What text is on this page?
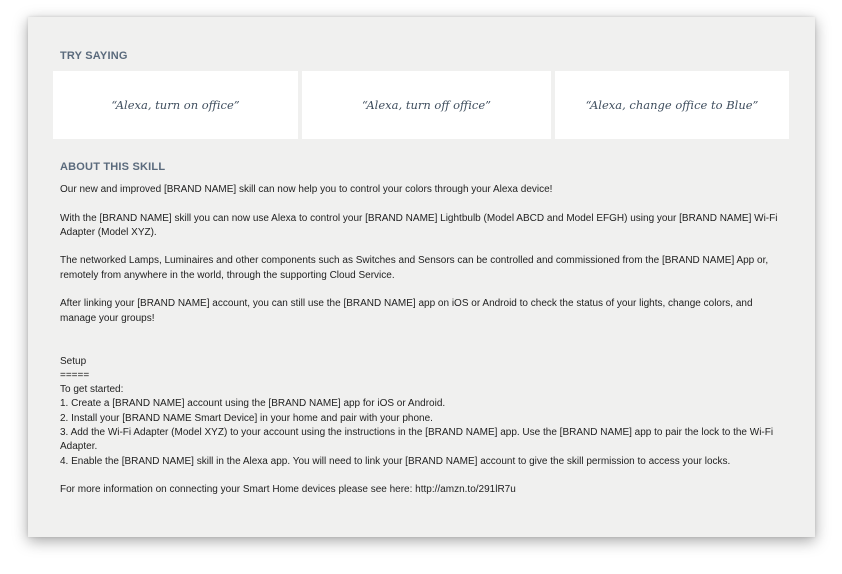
TRY SAYING
“Alexa, turn on office”	“Alexa, turn off office”	“Alexa, change office to Blue”
ABOUT THIS SKILL

Our new and improved [BRAND NAME] skill can now help you to control your colors through your Alexa device!

With the [BRAND NAME] skill you can now use Alexa to control your [BRAND NAME] Lightbulb (Model ABCD and Model EFGH) using your [BRAND NAME] Wi-Fi Adapter (Model XYZ).

The networked Lamps, Luminaires and other components such as Switches and Sensors can be controlled and commissioned from the [BRAND NAME] App or, remotely from anywhere in the world, through the supporting Cloud Service.

After linking your [BRAND NAME] account, you can still use the [BRAND NAME] app on iOS or Android to check the status of your lights, change colors, and manage your groups!

Setup
=====
To get started:
1. Create a [BRAND NAME] account using the [BRAND NAME] app for iOS or Android.
2. Install your [BRAND NAME Smart Device] in your home and pair with your phone.
3. Add the Wi-Fi Adapter (Model XYZ) to your account using the instructions in the [BRAND NAME] app. Use the [BRAND NAME] app to pair the lock to the Wi-Fi Adapter.
4. Enable the [BRAND NAME] skill in the Alexa app. You will need to link your [BRAND NAME] account to give the skill permission to access your locks.

For more information on connecting your Smart Home devices please see here: http://amzn.to/291lR7u
